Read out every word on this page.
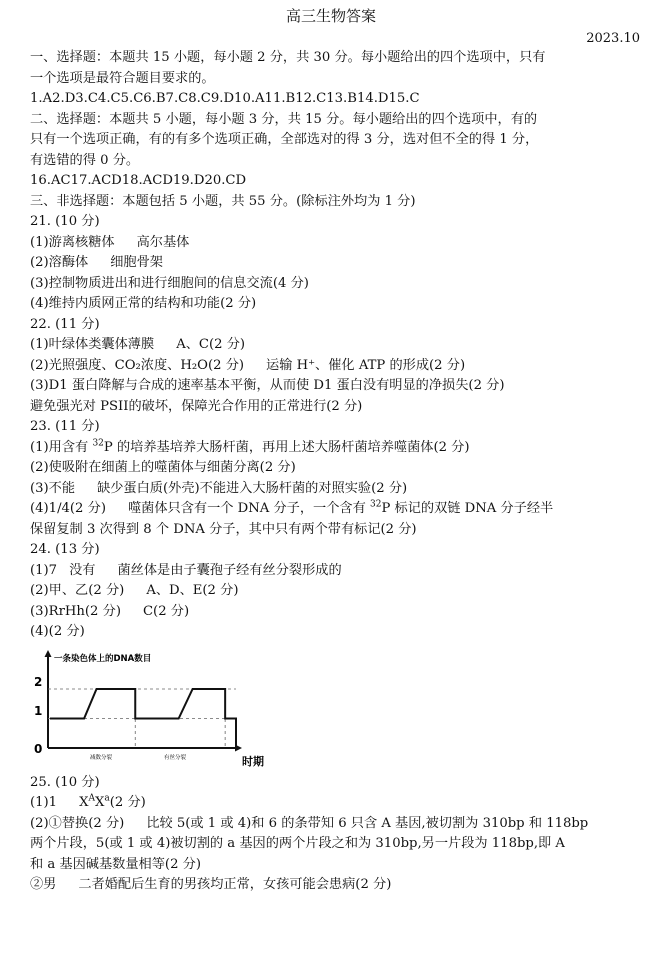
高三生物答案
2023.10
一、选择题：本题共 15 小题，每小题 2 分，共 30 分。每小题给出的四个选项中，只有
一个选项是最符合题目要求的。
1.A2.D3.C4.C5.C6.B7.C8.C9.D10.A11.B12.C13.B14.D15.C
二、选择题：本题共 5 小题，每小题 3 分，共 15 分。每小题给出的四个选项中，有的
只有一个选项正确，有的有多个选项正确，全部选对的得 3 分，选对但不全的得 1 分，
有选错的得 0 分。
16.AC17.ACD18.ACD19.D20.CD
三、非选择题：本题包括 5 小题，共 55 分。(除标注外均为 1 分)
21. (10 分)
(1)游离核糖体 高尔基体
(2)溶酶体 细胞骨架
(3)控制物质进出和进行细胞间的信息交流(4 分)
(4)维持内质网正常的结构和功能(2 分)
22. (11 分)
(1)叶绿体类囊体薄膜 A、C(2 分)
(2)光照强度、CO₂浓度、H₂O(2 分) 运输 H⁺、催化 ATP 的形成(2 分)
(3)D1 蛋白降解与合成的速率基本平衡，从而使 D1 蛋白没有明显的净损失(2 分)
避免强光对 PSII的破坏，保障光合作用的正常进行(2 分)
23. (11 分)
(1)用含有 $^{32}$P 的培养基培养大肠杆菌，再用上述大肠杆菌培养噬菌体(2 分)
(2)使吸附在细菌上的噬菌体与细菌分离(2 分)
(3)不能 缺少蛋白质(外壳)不能进入大肠杆菌的对照实验(2 分)
(4)1/4(2 分) 噬菌体只含有一个 DNA 分子，一个含有 $^{32}$P 标记的双链 DNA 分子经半
保留复制 3 次得到 8 个 DNA 分子，其中只有两个带有标记(2 分)
24. (13 分)
(1)7 没有 菌丝体是由子囊孢子经有丝分裂形成的
(2)甲、乙(2 分) A、D、E(2 分)
(3)RrHh(2 分) C(2 分)
(4)(2 分)
一条染色体上的DNA数目
2
1
0
减数分裂	有丝分裂	时期
25. (10 分)
(1)1 $X^AX^a(2$ 分)
(2)①替换(2 分) 比较 5(或 1 或 4)和 6 的条带知 6 只含 A 基因,被切割为 310bp 和 118bp
两个片段，5(或 1 或 4)被切割的 a 基因的两个片段之和为 310bp,另一片段为 118bp,即 A
和 a 基因碱基数量相等(2 分)
②男 二者婚配后生育的男孩均正常，女孩可能会患病(2 分)
